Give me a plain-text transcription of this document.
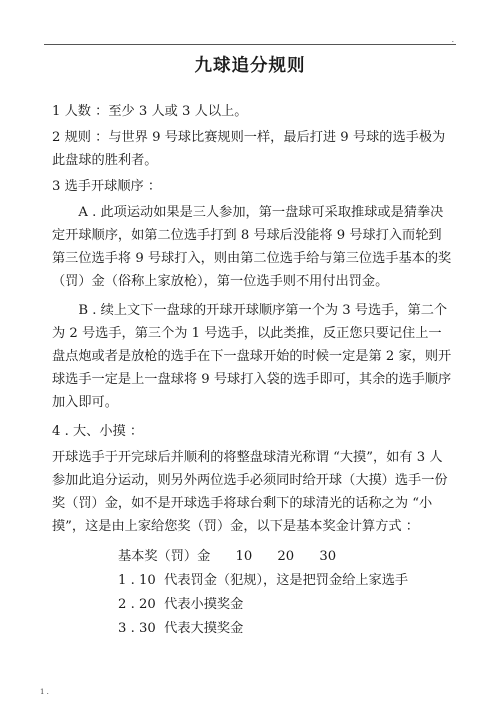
.
九球追分规则

1 人数 ：至少 3 人或 3 人以上。

2 规则 ：与世界 9 号球比赛规则一样，最后打进 9 号球的选手极为此盘球的胜利者。

3 选手开球顺序 ：

A . 此项运动如果是三人参加，第一盘球可采取推球或是猜拳决定开球顺序，如第二位选手打到 8 号球后没能将 9 号球打入而轮到第三位选手将 9 号球打入，则由第二位选手给与第三位选手基本的奖（罚）金（俗称上家放枪），第一位选手则不用付出罚金。

B . 续上文下一盘球的开球开球顺序第一个为 3 号选手，第二个为 2 号选手，第三个为 1 号选手，以此类推，反正您只要记住上一盘点炮或者是放枪的选手在下一盘球开始的时候一定是第 2 家，则开球选手一定是上一盘球将 9 号球打入袋的选手即可，其余的选手顺序加入即可。

4 . 大、小摸 ：

开球选手于开完球后并顺利的将整盘球清光称谓 “大摸”，如有 3 人参加此追分运动，则另外两位选手必须同时给开球（大摸）选手一份奖（罚）金，如不是开球选手将球台剩下的球清光的话称之为 “小摸”，这是由上家给您奖（罚）金，以下是基本奖金计算方式 ：

基本奖（罚）金      10      20      30
1 . 10  代表罚金（犯规），这是把罚金给上家选手
2 . 20  代表小摸奖金
3 . 30  代表大摸奖金
1 .
